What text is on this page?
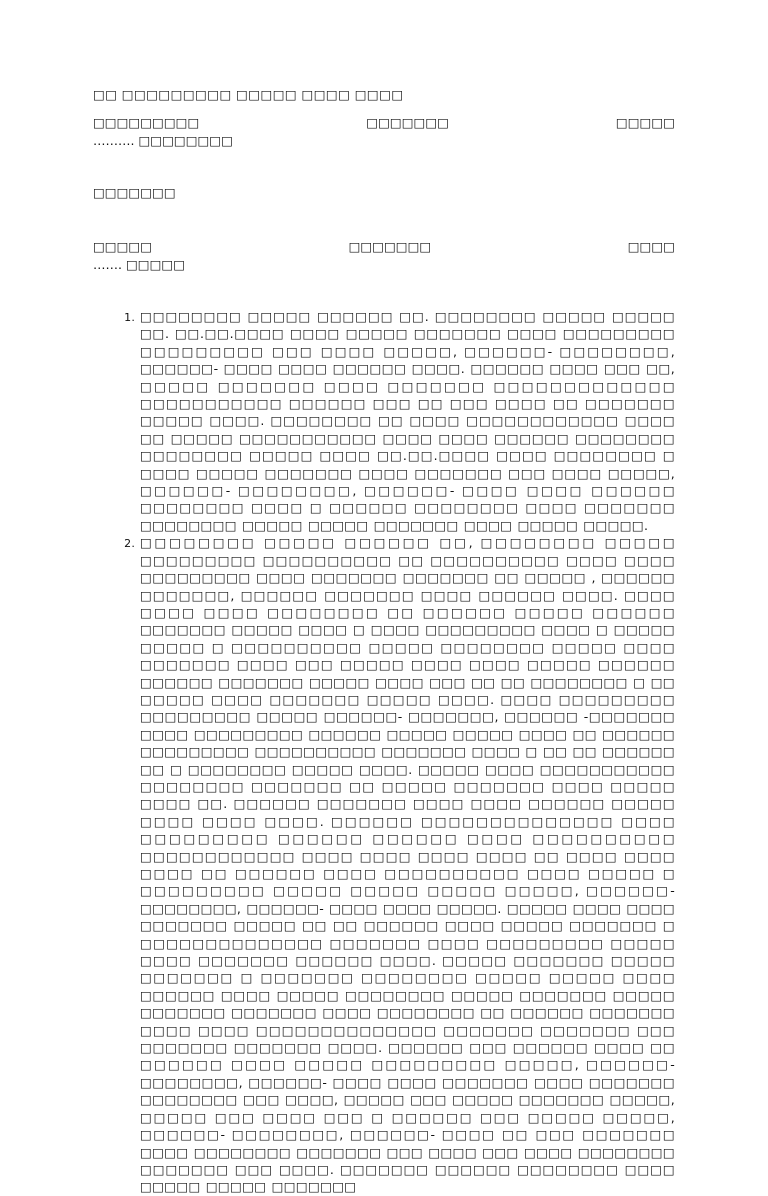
□□ □□□□□□□□□ □□□□□ □□□□ □□□□
□□□□□□□□□	□□□□□□□	□□□□□
………. □□□□□□□□
□□□□□□□
□□□□□	□□□□□□□	□□□□
……. □□□□□
1. □□□□□□□□ □□□□□ □□□□□□ □□. □□□□□□□□ □□□□□ □□□□□ □□. □□.□□.□□□□ □□□□ □□□□□ □□□□□□□ □□□□ □□□□□□□□□ □□□□□□□□□ □□□ □□□□ □□□□□, □□□□□□- □□□□□□□□, □□□□□□- □□□□ □□□□ □□□□□□ □□□□. □□□□□□ □□□□ □□□ □□, □□□□□ □□□□□□□ □□□□ □□□□□□□ □□□□□□□□□□□□□ □□□□□□□□□□□ □□□□□□ □□□ □□ □□□ □□□□ □□ □□□□□□□ □□□□□ □□□□. □□□□□□□□ □□ □□□□ □□□□□□□□□□□□ □□□□ □□ □□□□□ □□□□□□□□□□□ □□□□ □□□□ □□□□□□ □□□□□□□□ □□□□□□□□ □□□□□ □□□□ □□.□□.□□□□ □□□□ □□□□□□□□ □ □□□□ □□□□□ □□□□□□□ □□□□ □□□□□□□ □□□ □□□□ □□□□□, □□□□□□- □□□□□□□□, □□□□□□- □□□□ □□□□ □□□□□□ □□□□□□□□ □□□□ □ □□□□□□ □□□□□□□□ □□□□ □□□□□□□ □□□□□□□□ □□□□□ □□□□□ □□□□□□□ □□□□ □□□□□ □□□□□.
2. □□□□□□□□ □□□□□ □□□□□□ □□, □□□□□□□□ □□□□□ □□□□□□□□□ □□□□□□□□□□ □□ □□□□□□□□□□ □□□□ □□□□ □□□□□□□□□ □□□□ □□□□□□□ □□□□□□□ □□ □□□□□ , □□□□□□ □□□□□□□, □□□□□□ □□□□□□□ □□□□ □□□□□□ □□□□. □□□□ □□□□ □□□□ □□□□□□□□ □□ □□□□□□ □□□□□ □□□□□□ □□□□□□□ □□□□□ □□□□ □ □□□□ □□□□□□□□□ □□□□ □ □□□□□ □□□□□ □ □□□□□□□□□□ □□□□□ □□□□□□□□ □□□□□ □□□□ □□□□□□□ □□□□ □□□ □□□□□ □□□□ □□□□ □□□□□ □□□□□□ □□□□□□ □□□□□□□ □□□□□ □□□□ □□□ □□ □□ □□□□□□□□ □ □□ □□□□□ □□□□ □□□□□□□ □□□□□ □□□□. □□□□ □□□□□□□□□ □□□□□□□□□ □□□□□ □□□□□□- □□□□□□□, □□□□□□ -□□□□□□□ □□□□ □□□□□□□□□ □□□□□□ □□□□□ □□□□□ □□□□ □□ □□□□□□ □□□□□□□□□ □□□□□□□□□□ □□□□□□□ □□□□ □ □□ □□ □□□□□□ □□ □ □□□□□□□□ □□□□□ □□□□. □□□□□ □□□□ □□□□□□□□□□□ □□□□□□□□ □□□□□□□ □□ □□□□□ □□□□□□□ □□□□ □□□□□ □□□□ □□. □□□□□□ □□□□□□□ □□□□ □□□□ □□□□□□ □□□□□ □□□□ □□□□ □□□□. □□□□□□ □□□□□□□□□□□□□□ □□□□ □□□□□□□□□ □□□□□□ □□□□□□ □□□□ □□□□□□□□□□ □□□□□□□□□□□□ □□□□ □□□□ □□□□ □□□□ □□ □□□□ □□□□ □□□□ □□ □□□□□□ □□□□ □□□□□□□□□□ □□□□ □□□□□ □ □□□□□□□□□ □□□□□ □□□□□ □□□□□ □□□□□, □□□□□□- □□□□□□□□, □□□□□□- □□□□ □□□□ □□□□□. □□□□□ □□□□ □□□□ □□□□□□□ □□□□□ □□ □□ □□□□□□ □□□□ □□□□□ □□□□□□□ □ □□□□□□□□□□□□□□ □□□□□□□ □□□□ □□□□□□□□□ □□□□□ □□□□ □□□□□□□ □□□□□□ □□□□. □□□□□ □□□□□□□ □□□□□ □□□□□□□ □ □□□□□□□ □□□□□□□□ □□□□□ □□□□□ □□□□ □□□□□□ □□□□ □□□□□ □□□□□□□□ □□□□□ □□□□□□□ □□□□□ □□□□□□□ □□□□□□□ □□□□ □□□□□□□□ □□ □□□□□□ □□□□□□□ □□□□ □□□□ □□□□□□□□□□□□□□ □□□□□□□ □□□□□□□ □□□ □□□□□□□ □□□□□□□ □□□□. □□□□□□ □□□ □□□□□□ □□□□ □□ □□□□□□ □□□□ □□□□□ □□□□□□□□□ □□□□□, □□□□□□- □□□□□□□□, □□□□□□- □□□□ □□□□ □□□□□□□ □□□□ □□□□□□□ □□□□□□□□ □□□ □□□□, □□□□□ □□□ □□□□□ □□□□□□□ □□□□□, □□□□□ □□□ □□□□ □□□ □ □□□□□□ □□□ □□□□□ □□□□□, □□□□□□- □□□□□□□□, □□□□□□- □□□□ □□ □□□ □□□□□□□ □□□□ □□□□□□□□ □□□□□□□ □□□ □□□□ □□□ □□□□ □□□□□□□□ □□□□□□□ □□□ □□□□. □□□□□□□ □□□□□□ □□□□□□□□ □□□□ □□□□□ □□□□□ □□□□□□□
